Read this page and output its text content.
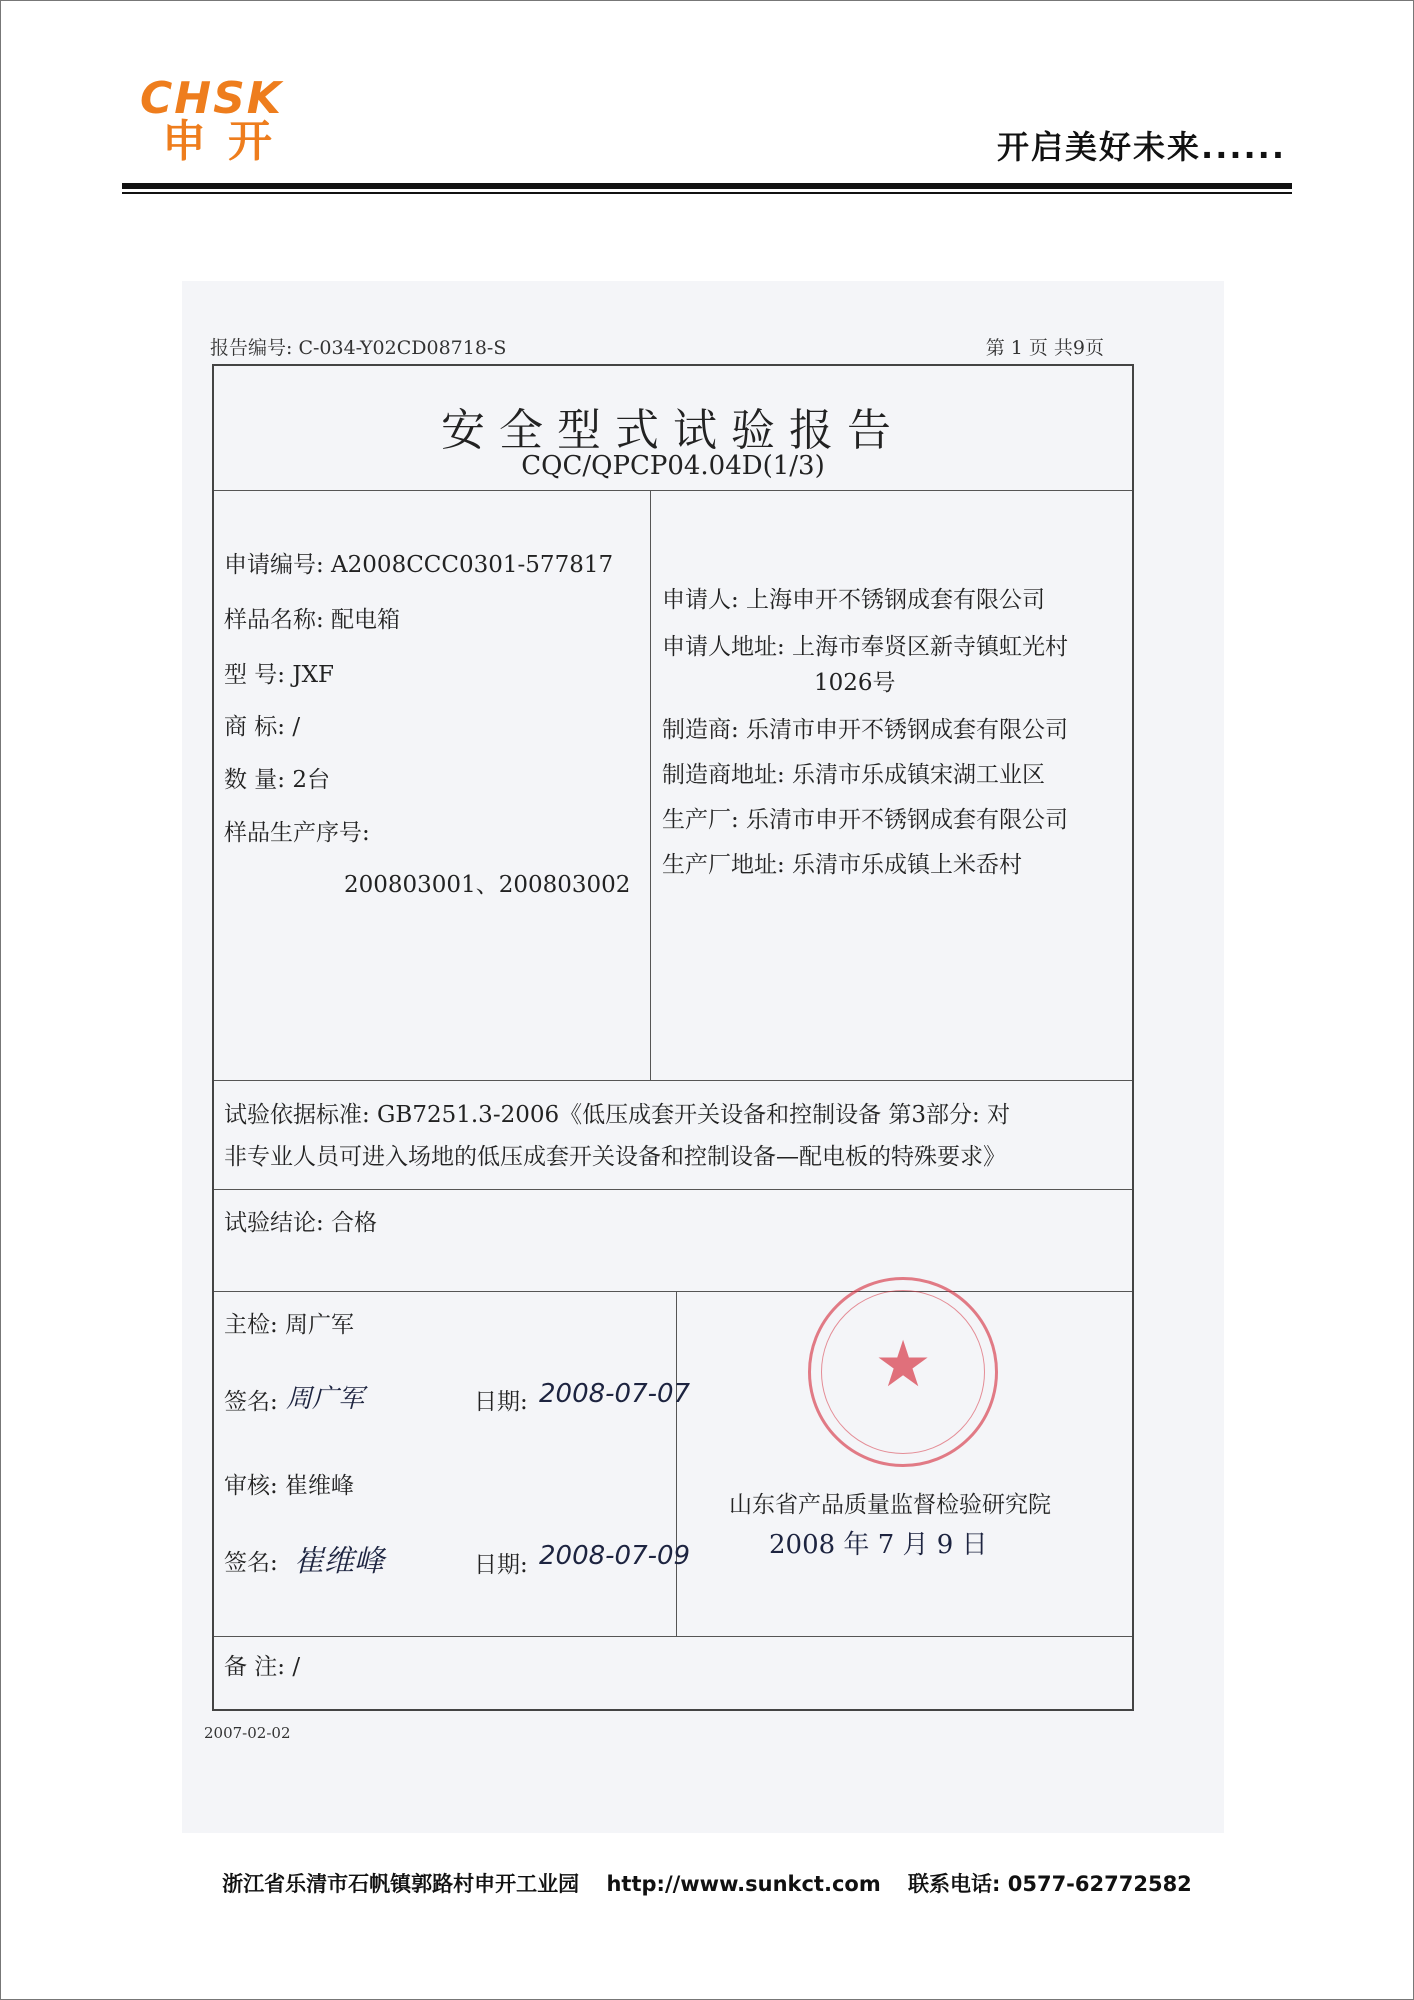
CHSK
申开	开启美好未来......
报告编号: C-034-Y02CD08718-S	第 1 页 共9页
安全型式试验报告
CQC/QPCP04.04D(1/3)
申请编号: A2008CCC0301-577817
样品名称: 配电箱
型 号: JXF
商 标: /
数 量: 2台
样品生产序号:
200803001、200803002
申请人: 上海申开不锈钢成套有限公司
申请人地址: 上海市奉贤区新寺镇虹光村
1026号
制造商: 乐清市申开不锈钢成套有限公司
制造商地址: 乐清市乐成镇宋湖工业区
生产厂: 乐清市申开不锈钢成套有限公司
生产厂地址: 乐清市乐成镇上米岙村
试验依据标准: GB7251.3-2006《低压成套开关设备和控制设备 第3部分: 对
非专业人员可进入场地的低压成套开关设备和控制设备—配电板的特殊要求》
试验结论: 合格
主检: 周广军
签名: 周广军	日期: 2008-07-07
审核: 崔维峰
签名: 崔维峰	日期: 2008-07-09
山东省产品质量监督检验研究院
2008 年 7 月 9 日
备 注: /
★
2007-02-02
浙江省乐清市石帆镇郭路村申开工业园 http://www.sunkct.com 联系电话: 0577-62772582
